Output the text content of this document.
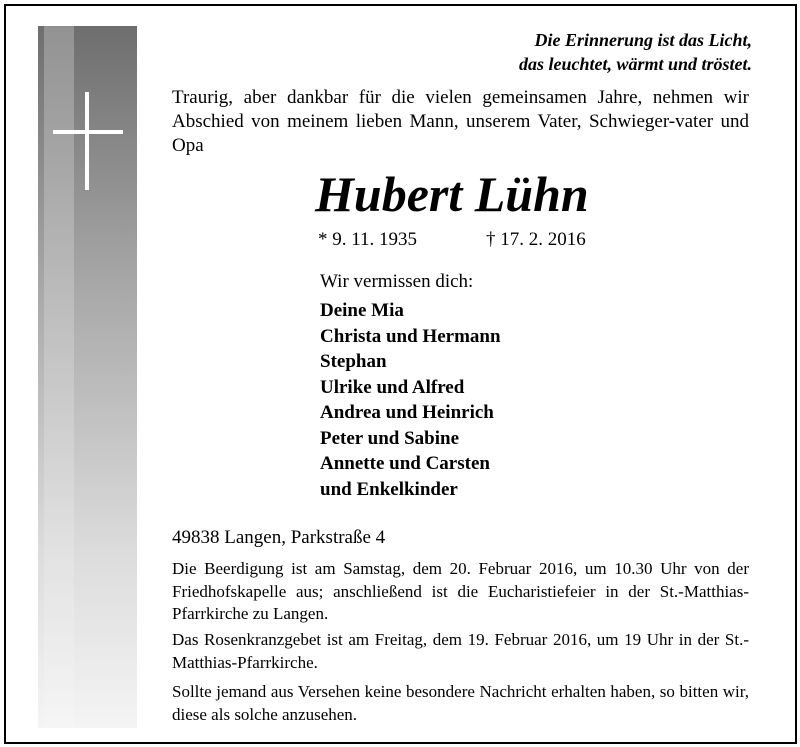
Die Erinnerung ist das Licht,
das leuchtet, wärmt und tröstet.
Traurig, aber dankbar für die vielen gemeinsamen Jahre, nehmen wir Abschied von meinem lieben Mann, unserem Vater, Schwieger-vater und Opa
Hubert Lühn
* 9. 11. 1935	† 17. 2. 2016
Wir vermissen dich:
Deine Mia
Christa und Hermann
Stephan
Ulrike und Alfred
Andrea und Heinrich
Peter und Sabine
Annette und Carsten
und Enkelkinder
49838 Langen, Parkstraße 4

Die Beerdigung ist am Samstag, dem 20. Februar 2016, um 10.30 Uhr von der Friedhofskapelle aus; anschließend ist die Eucharistiefeier in der St.-Matthias-Pfarrkirche zu Langen.

Das Rosenkranzgebet ist am Freitag, dem 19. Februar 2016, um 19 Uhr in der St.-Matthias-Pfarrkirche.

Sollte jemand aus Versehen keine besondere Nachricht erhalten haben, so bitten wir, diese als solche anzusehen.
